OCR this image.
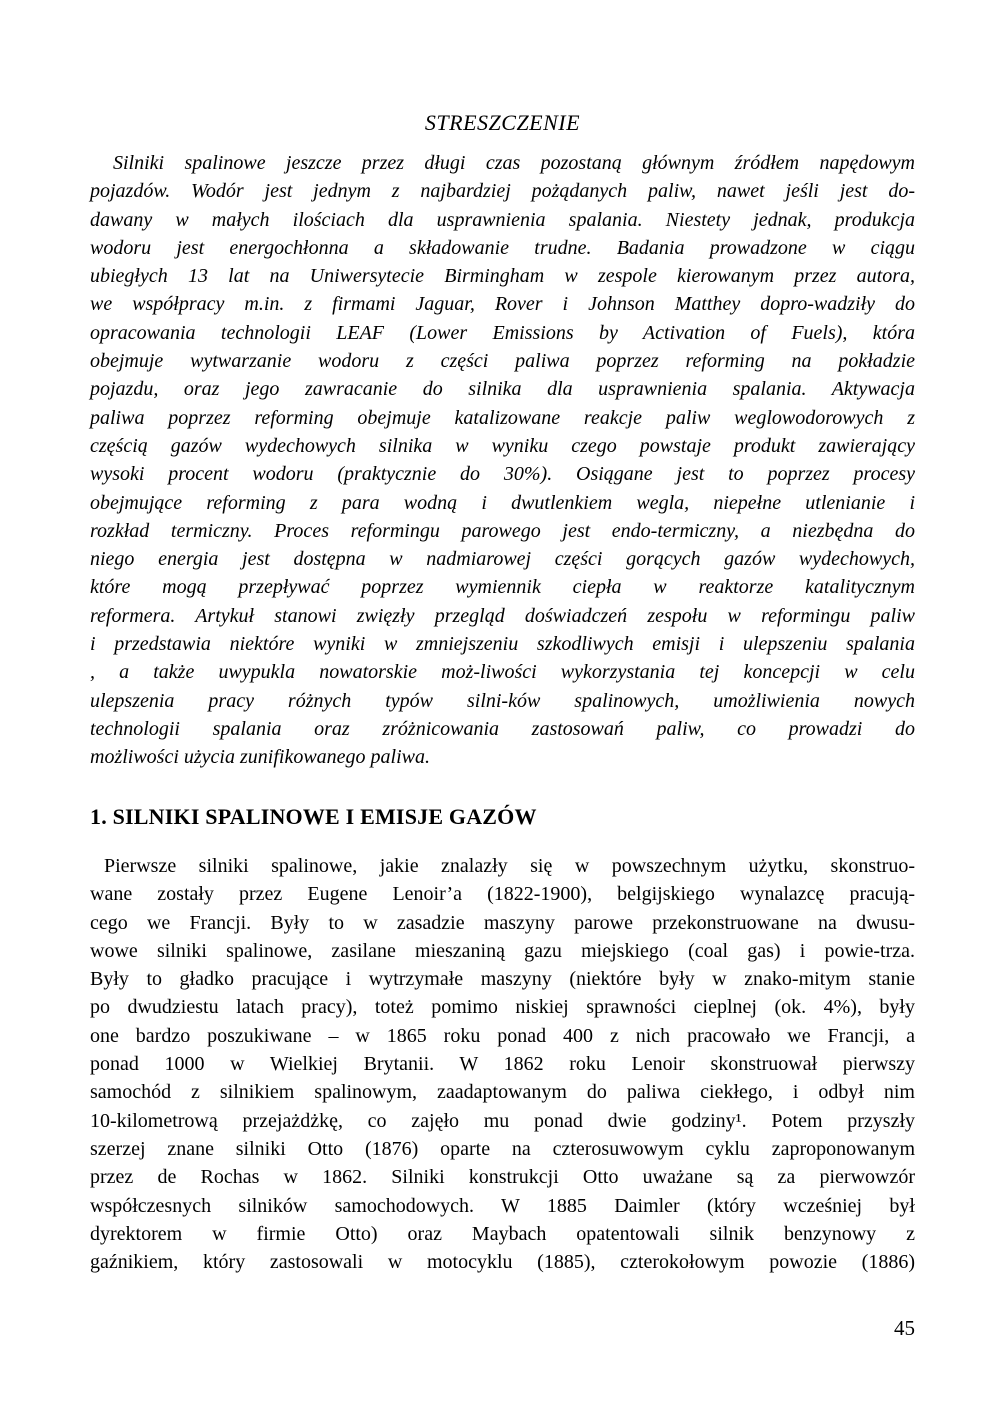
STRESZCZENIE
Silniki spalinowe jeszcze przez długi czas pozostaną głównym źródłem napędowym
pojazdów. Wodór jest jednym z najbardziej pożądanych paliw, nawet jeśli jest do-
dawany w małych ilościach dla usprawnienia spalania. Niestety jednak, produkcja
wodoru jest energochłonna a składowanie trudne. Badania prowadzone w ciągu
ubiegłych 13 lat na Uniwersytecie Birmingham w zespole kierowanym przez autora,
we współpracy m.in. z firmami Jaguar, Rover i Johnson Matthey dopro-wadziły do
opracowania technologii LEAF (Lower Emissions by Activation of Fuels), która
obejmuje wytwarzanie wodoru z części paliwa poprzez reforming na pokładzie
pojazdu, oraz jego zawracanie do silnika dla usprawnienia spalania. Aktywacja
paliwa poprzez reforming obejmuje katalizowane reakcje paliw weglowodorowych z
częścią gazów wydechowych silnika w wyniku czego powstaje produkt zawierający
wysoki procent wodoru (praktycznie do 30%). Osiągane jest to poprzez procesy
obejmujące reforming z para wodną i dwutlenkiem wegla, niepełne utlenianie i
rozkład termiczny. Proces reformingu parowego jest endo-termiczny, a niezbędna do
niego energia jest dostępna w nadmiarowej części gorących gazów wydechowych,
które mogą przepływać poprzez wymiennik ciepła w reaktorze katalitycznym
reformera. Artykuł stanowi zwięzły przegląd doświadczeń zespołu w reformingu paliw
i przedstawia niektóre wyniki w zmniejszeniu szkodliwych emisji i ulepszeniu spalania
, a także uwypukla nowatorskie moż-liwości wykorzystania tej koncepcji w celu
ulepszenia pracy różnych typów silni-ków spalinowych, umożliwienia nowych
technologii spalania oraz zróżnicowania zastosowań paliw, co prowadzi do
możliwości użycia zunifikowanego paliwa.
1. SILNIKI SPALINOWE I EMISJE GAZÓW
Pierwsze silniki spalinowe, jakie znalazły się w powszechnym użytku, skonstruo-
wane zostały przez Eugene Lenoir’a (1822-1900), belgijskiego wynalazcę pracują-
cego we Francji. Były to w zasadzie maszyny parowe przekonstruowane na dwusu-
wowe silniki spalinowe, zasilane mieszaniną gazu miejskiego (coal gas) i powie-trza.
Były to gładko pracujące i wytrzymałe maszyny (niektóre były w znako-mitym stanie
po dwudziestu latach pracy), toteż pomimo niskiej sprawności cieplnej (ok. 4%), były
one bardzo poszukiwane – w 1865 roku ponad 400 z nich pracowało we Francji, a
ponad 1000 w Wielkiej Brytanii. W 1862 roku Lenoir skonstruował pierwszy
samochód z silnikiem spalinowym, zaadaptowanym do paliwa ciekłego, i odbył nim
10-kilometrową przejażdżkę, co zajęło mu ponad dwie godziny¹. Potem przyszły
szerzej znane silniki Otto (1876) oparte na czterosuwowym cyklu zaproponowanym
przez de Rochas w 1862. Silniki konstrukcji Otto uważane są za pierwowzór
współczesnych silników samochodowych. W 1885 Daimler (który wcześniej był
dyrektorem w firmie Otto) oraz Maybach opatentowali silnik benzynowy z
gaźnikiem, który zastosowali w motocyklu (1885), czterokołowym powozie (1886)
45
